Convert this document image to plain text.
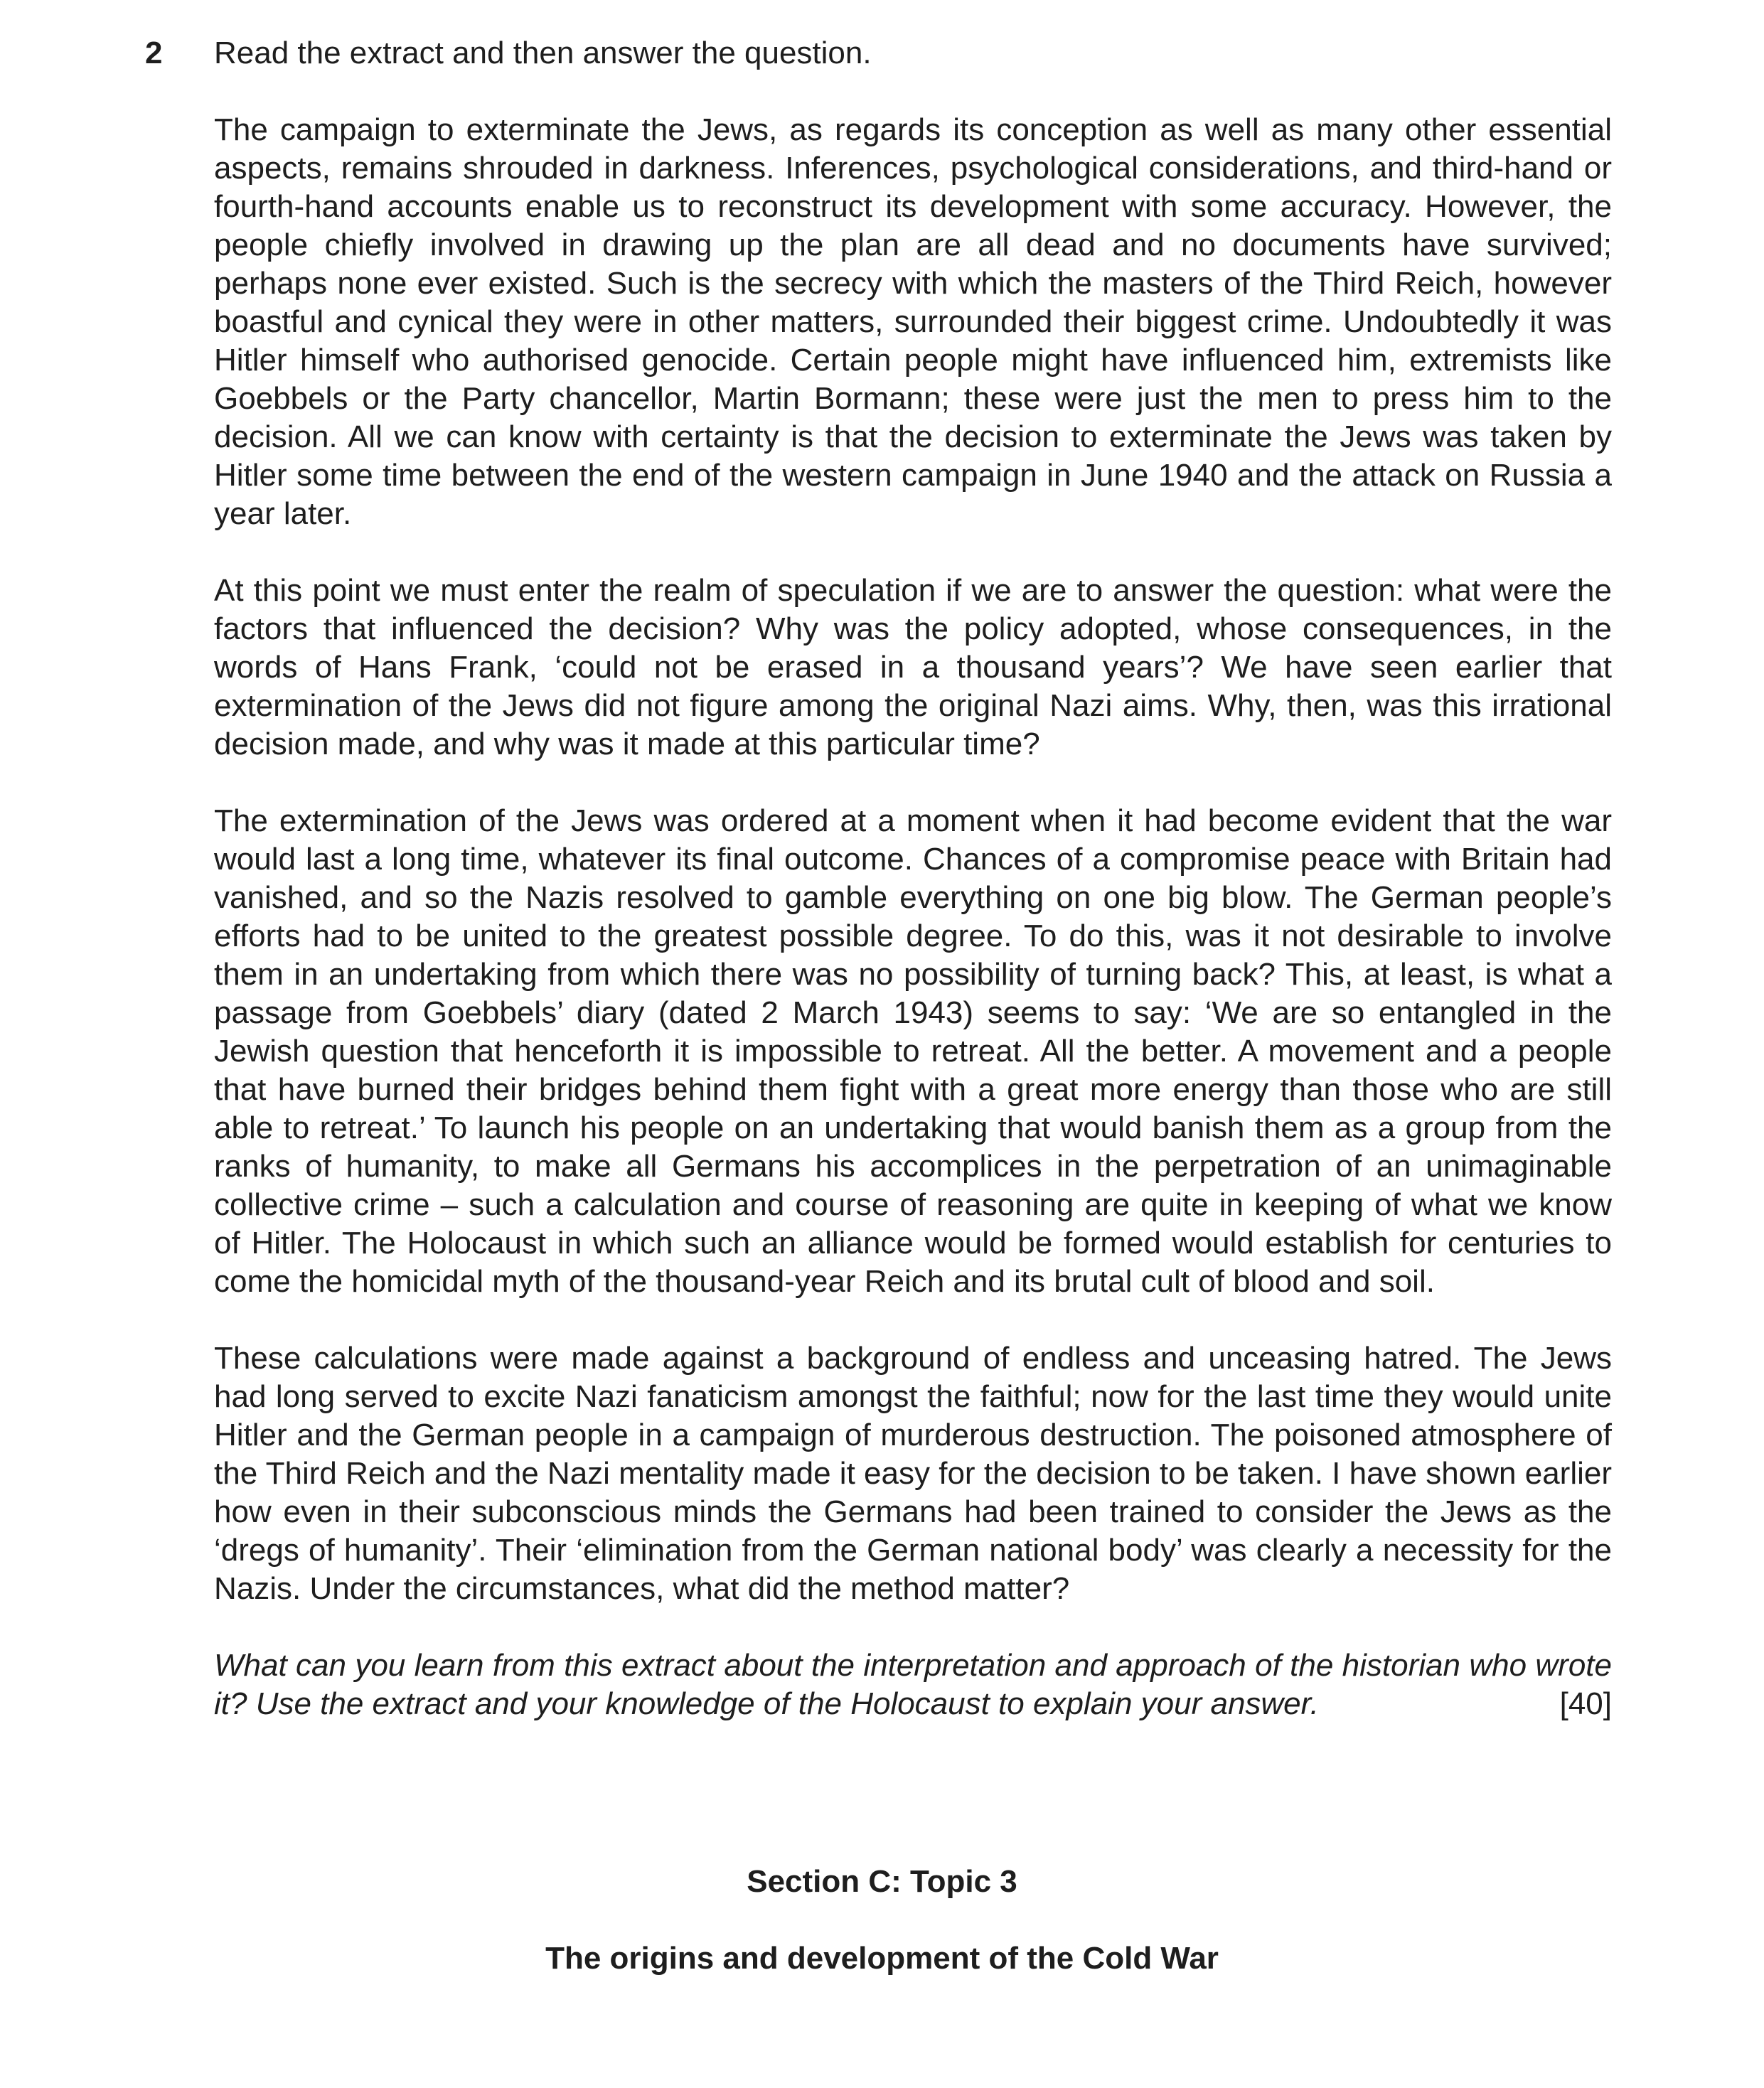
2 Read the extract and then answer the question.

The campaign to exterminate the Jews, as regards its conception as well as many other essential aspects, remains shrouded in darkness. Inferences, psychological considerations, and third-hand or fourth-hand accounts enable us to reconstruct its development with some accuracy. However, the people chiefly involved in drawing up the plan are all dead and no documents have survived; perhaps none ever existed. Such is the secrecy with which the masters of the Third Reich, however boastful and cynical they were in other matters, surrounded their biggest crime. Undoubtedly it was Hitler himself who authorised genocide. Certain people might have influenced him, extremists like Goebbels or the Party chancellor, Martin Bormann; these were just the men to press him to the decision. All we can know with certainty is that the decision to exterminate the Jews was taken by Hitler some time between the end of the western campaign in June 1940 and the attack on Russia a year later.

At this point we must enter the realm of speculation if we are to answer the question: what were the factors that influenced the decision? Why was the policy adopted, whose consequences, in the words of Hans Frank, ‘could not be erased in a thousand years’? We have seen earlier that extermination of the Jews did not figure among the original Nazi aims. Why, then, was this irrational decision made, and why was it made at this particular time?

The extermination of the Jews was ordered at a moment when it had become evident that the war would last a long time, whatever its final outcome. Chances of a compromise peace with Britain had vanished, and so the Nazis resolved to gamble everything on one big blow. The German people’s efforts had to be united to the greatest possible degree. To do this, was it not desirable to involve them in an undertaking from which there was no possibility of turning back? This, at least, is what a passage from Goebbels’ diary (dated 2 March 1943) seems to say: ‘We are so entangled in the Jewish question that henceforth it is impossible to retreat. All the better. A movement and a people that have burned their bridges behind them fight with a great more energy than those who are still able to retreat.’ To launch his people on an undertaking that would banish them as a group from the ranks of humanity, to make all Germans his accomplices in the perpetration of an unimaginable collective crime – such a calculation and course of reasoning are quite in keeping of what we know of Hitler. The Holocaust in which such an alliance would be formed would establish for centuries to come the homicidal myth of the thousand-year Reich and its brutal cult of blood and soil.

These calculations were made against a background of endless and unceasing hatred. The Jews had long served to excite Nazi fanaticism amongst the faithful; now for the last time they would unite Hitler and the German people in a campaign of murderous destruction. The poisoned atmosphere of the Third Reich and the Nazi mentality made it easy for the decision to be taken. I have shown earlier how even in their subconscious minds the Germans had been trained to consider the Jews as the ‘dregs of humanity’. Their ‘elimination from the German national body’ was clearly a necessity for the Nazis. Under the circumstances, what did the method matter?

What can you learn from this extract about the interpretation and approach of the historian who wrote it? Use the extract and your knowledge of the Holocaust to explain your answer.	[40]

Section C: Topic 3

The origins and development of the Cold War
